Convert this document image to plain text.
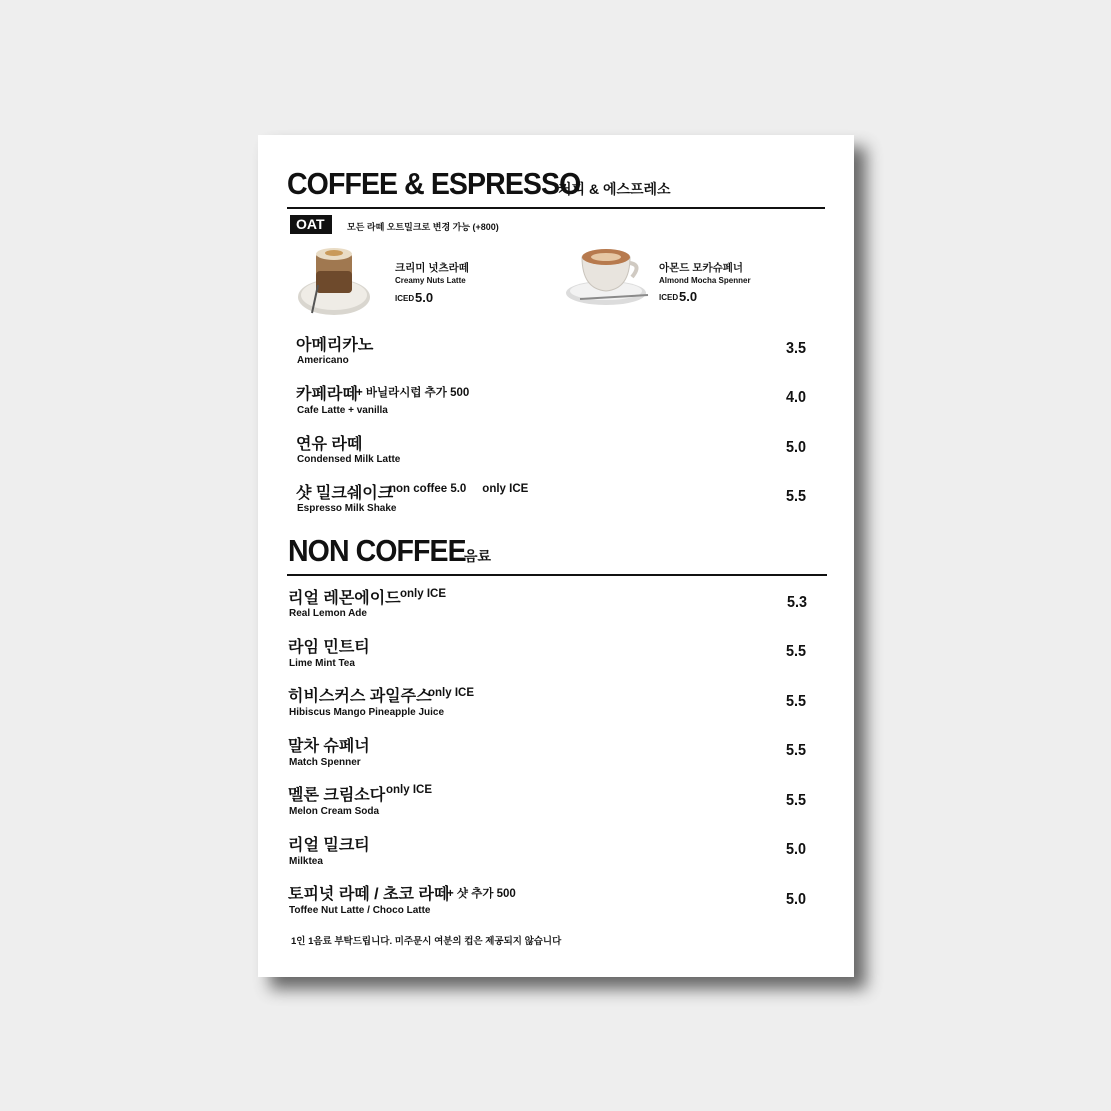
COFFEE & ESPRESSO
커피 & 에스프레소
OAT	모든 라떼 오트밀크로 변경 가능 (+800)
크리미 넛츠라떼
Creamy Nuts Latte
ICED 5.0
아몬드 모카슈페너
Almond Mocha Spenner
ICED 5.0
아메리카노
Americano
3.5
카페라떼
+ 바닐라시럽 추가 500
Cafe Latte + vanilla
4.0
연유 라떼
Condensed Milk Latte
5.0
샷 밀크쉐이크
non coffee 5.0     only ICE
Espresso Milk Shake
5.5
NON COFFEE
음료
리얼 레몬에이드 only ICE
Real Lemon Ade
5.3
라임 민트티
Lime Mint Tea
5.5
히비스커스 과일주스
only ICE
Hibiscus Mango Pineapple Juice
5.5
말차 슈페너
Match Spenner
5.5
멜론 크림소다 only ICE
Melon Cream Soda
5.5
리얼 밀크티
Milktea
5.0
토피넛 라떼 / 초코 라떼
+ 샷 추가 500
Toffee Nut Latte / Choco Latte
5.0
1인 1음료 부탁드립니다. 미주문시 여분의 컵은 제공되지 않습니다
